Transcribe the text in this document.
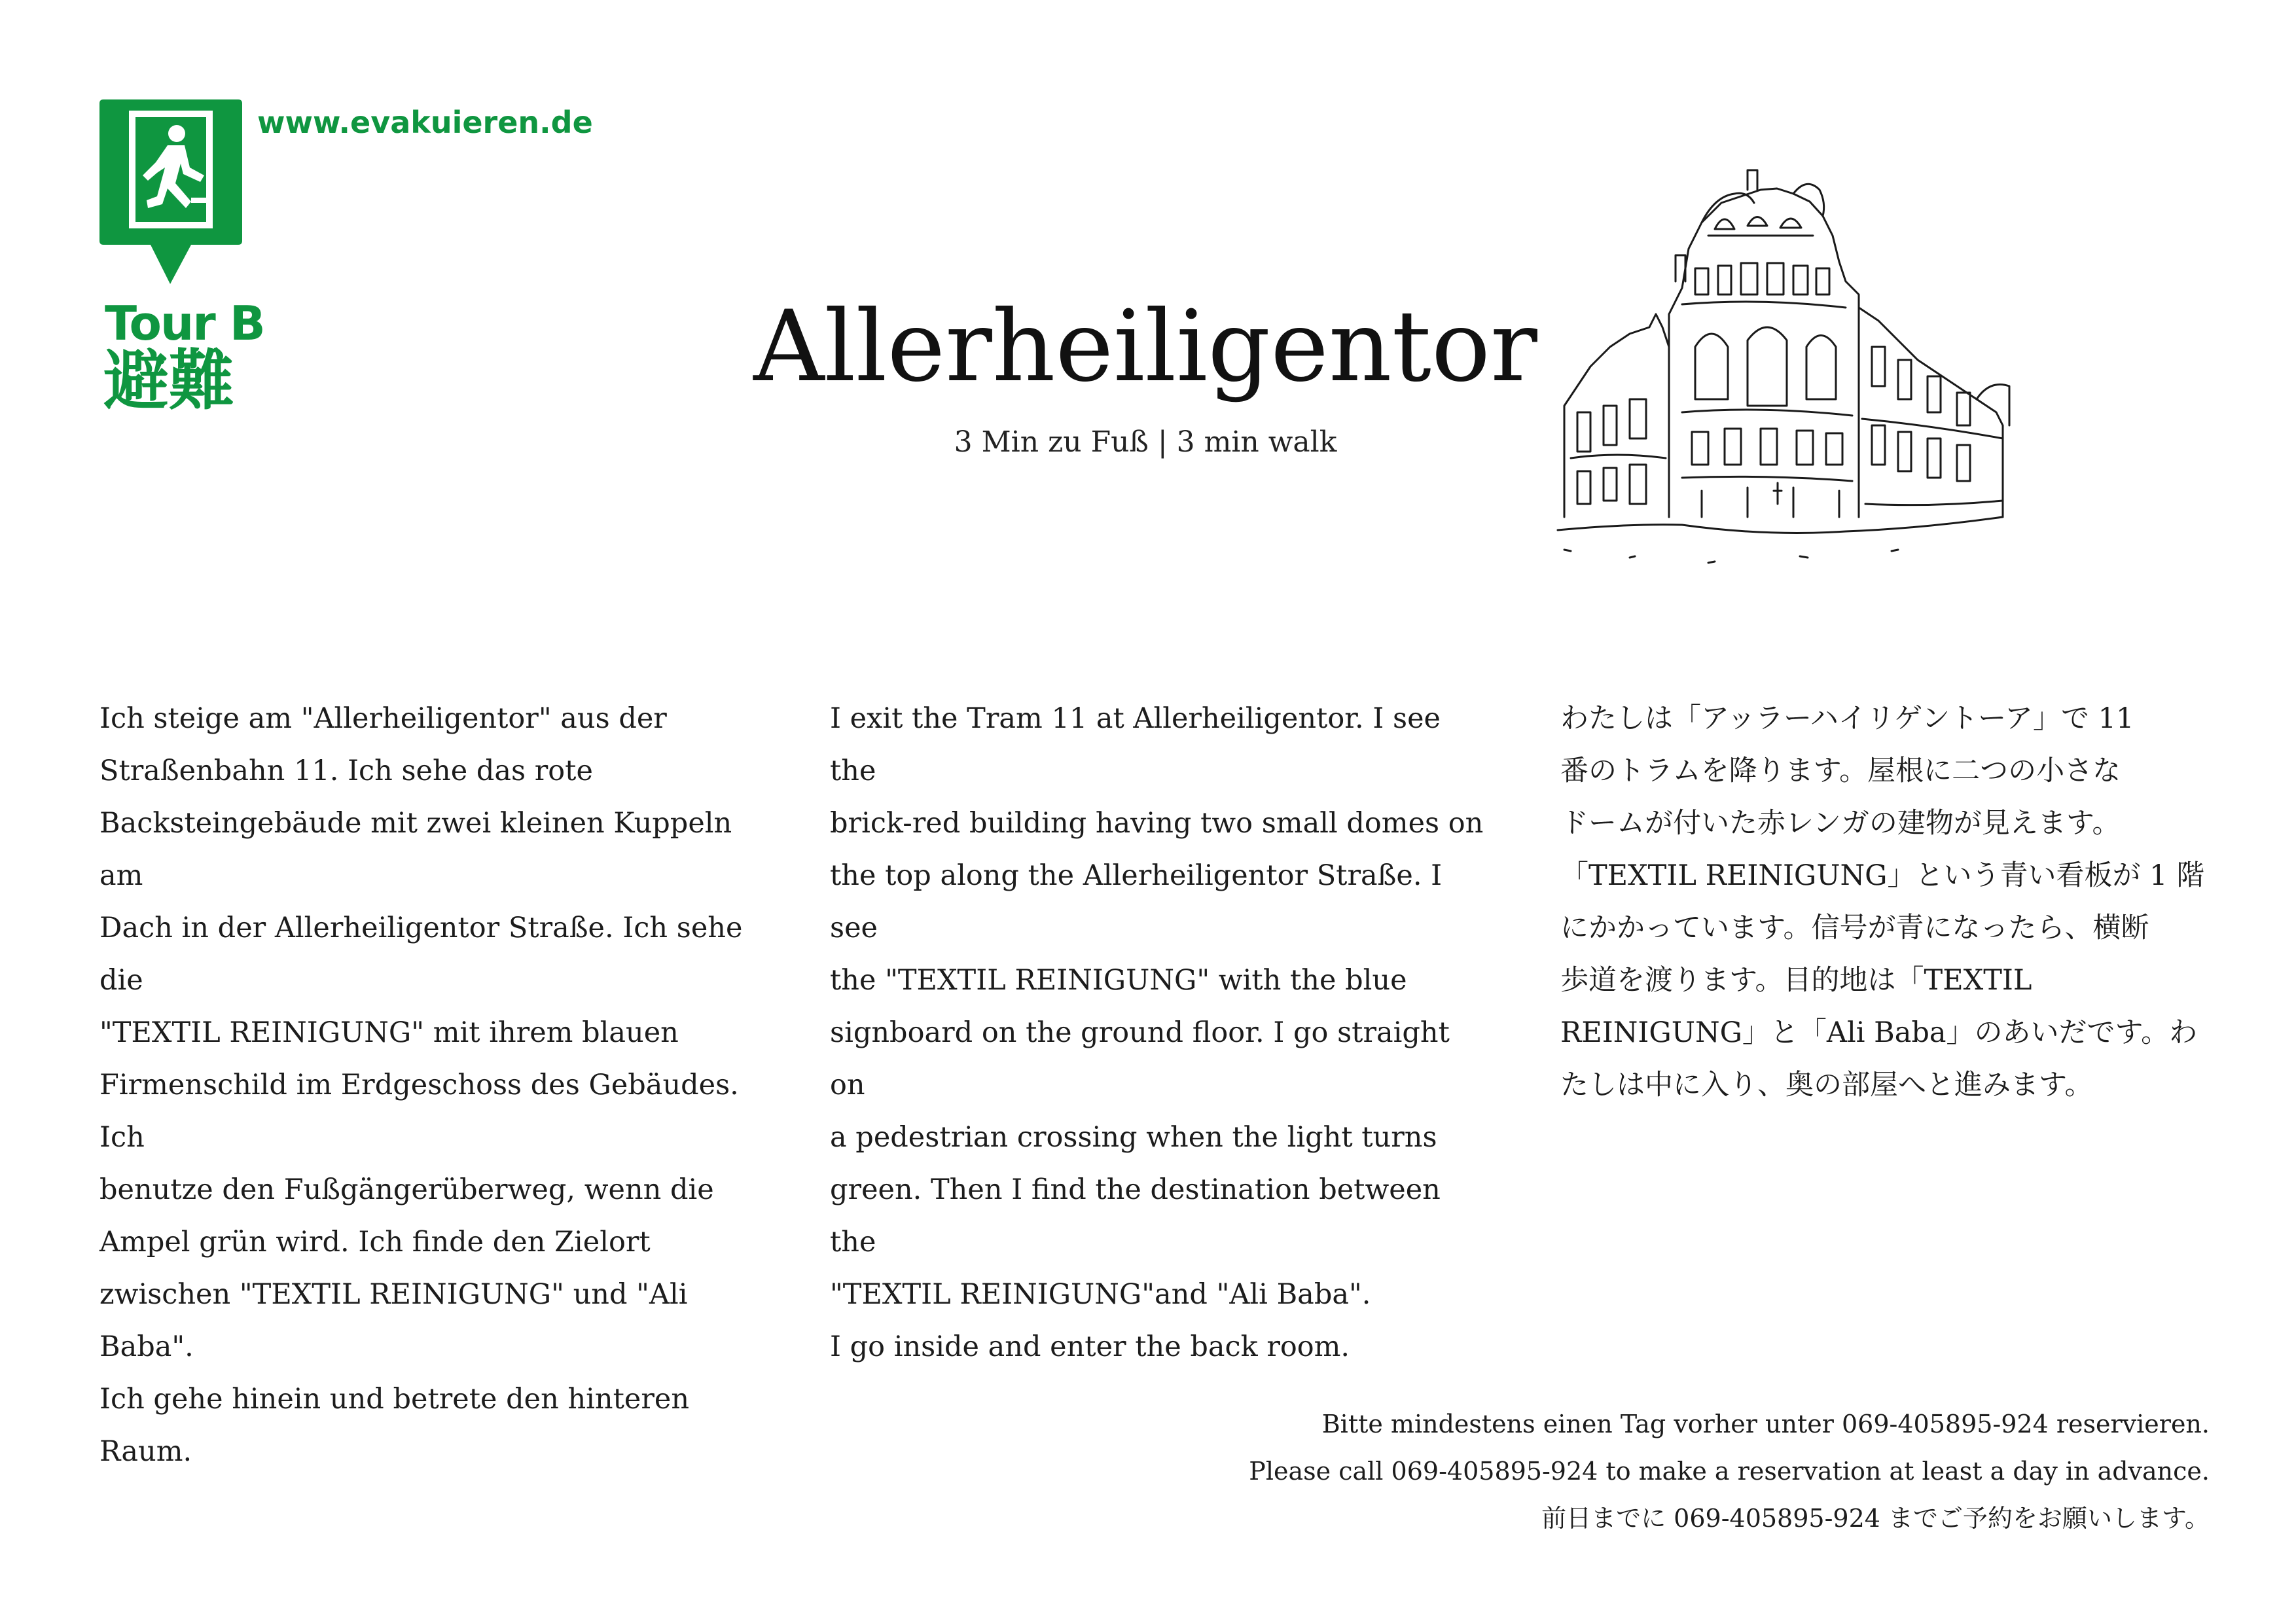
Tour B
避難
www.evakuieren.de
Allerheiligentor
3 Min zu Fuß | 3 min walk
Ich steige am "Allerheiligentor" aus der
Straßenbahn 11. Ich sehe das rote
Backsteingebäude mit zwei kleinen Kuppeln am
Dach in der Allerheiligentor Straße. Ich sehe die
"TEXTIL REINIGUNG" mit ihrem blauen
Firmenschild im Erdgeschoss des Gebäudes. Ich
benutze den Fußgängerüberweg, wenn die
Ampel grün wird. Ich finde den Zielort
zwischen "TEXTIL REINIGUNG" und "Ali Baba".
Ich gehe hinein und betrete den hinteren Raum.
I exit the Tram 11 at Allerheiligentor. I see the
brick-red building having two small domes on
the top along the Allerheiligentor Straße. I see
the "TEXTIL REINIGUNG" with the blue
signboard on the ground floor. I go straight on
a pedestrian crossing when the light turns
green. Then I find the destination between the
"TEXTIL REINIGUNG"and "Ali Baba".
I go inside and enter the back room.
わたしは「アッラーハイリゲントーア」で 11
番のトラムを降ります。屋根に二つの小さな
ドームが付いた赤レンガの建物が見えます。
「TEXTIL REINIGUNG」という青い看板が 1 階
にかかっています。信号が青になったら、横断
歩道を渡ります。目的地は「TEXTIL
REINIGUNG」と「Ali Baba」のあいだです。わ
たしは中に入り、奥の部屋へと進みます。
Bitte mindestens einen Tag vorher unter 069-405895-924 reservieren.
Please call 069-405895-924 to make a reservation at least a day in advance.
前日までに 069-405895-924 までご予約をお願いします。
